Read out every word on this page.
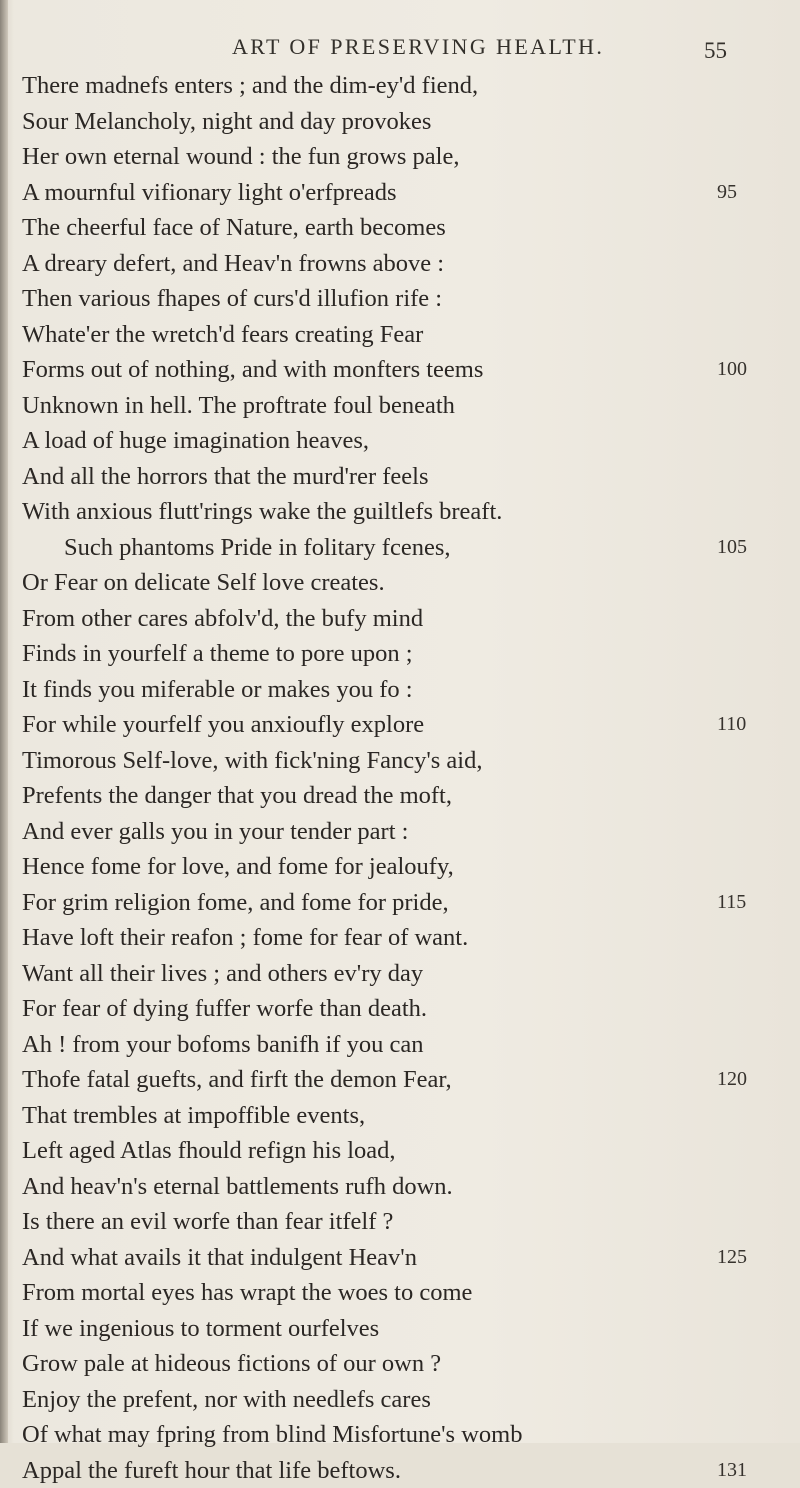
ART OF PRESERVING HEALTH.	55
There madnefs enters ; and the dim-ey'd fiend,
Sour Melancholy, night and day provokes
Her own eternal wound : the fun grows pale,
A mournful vifionary light o'erfpreads	95
The cheerful face of Nature, earth becomes
A dreary defert, and Heav'n frowns above :
Then various fhapes of curs'd illufion rife :
Whate'er the wretch'd fears creating Fear
Forms out of nothing, and with monfters teems	100
Unknown in hell. The proftrate foul beneath
A load of huge imagination heaves,
And all the horrors that the murd'rer feels
With anxious flutt'rings wake the guiltlefs breaft.
Such phantoms Pride in folitary fcenes,	105
Or Fear on delicate Self love creates.
From other cares abfolv'd, the bufy mind
Finds in yourfelf a theme to pore upon ;
It finds you miferable or makes you fo :
For while yourfelf you anxioufly explore	110
Timorous Self-love, with fick'ning Fancy's aid,
Prefents the danger that you dread the moft,
And ever galls you in your tender part :
Hence fome for love, and fome for jealoufy,
For grim religion fome, and fome for pride,	115
Have loft their reafon ; fome for fear of want.
Want all their lives ; and others ev'ry day
For fear of dying fuffer worfe than death.
Ah ! from your bofoms banifh if you can
Thofe fatal guefts, and firft the demon Fear,	120
That trembles at impoffible events,
Left aged Atlas fhould refign his load,
And heav'n's eternal battlements rufh down.
Is there an evil worfe than fear itfelf ?
And what avails it that indulgent Heav'n	125
From mortal eyes has wrapt the woes to come
If we ingenious to torment ourfelves
Grow pale at hideous fictions of our own ?
Enjoy the prefent, nor with needlefs cares
Of what may fpring from blind Misfortune's womb
Appal the fureft hour that life beftows.	131
